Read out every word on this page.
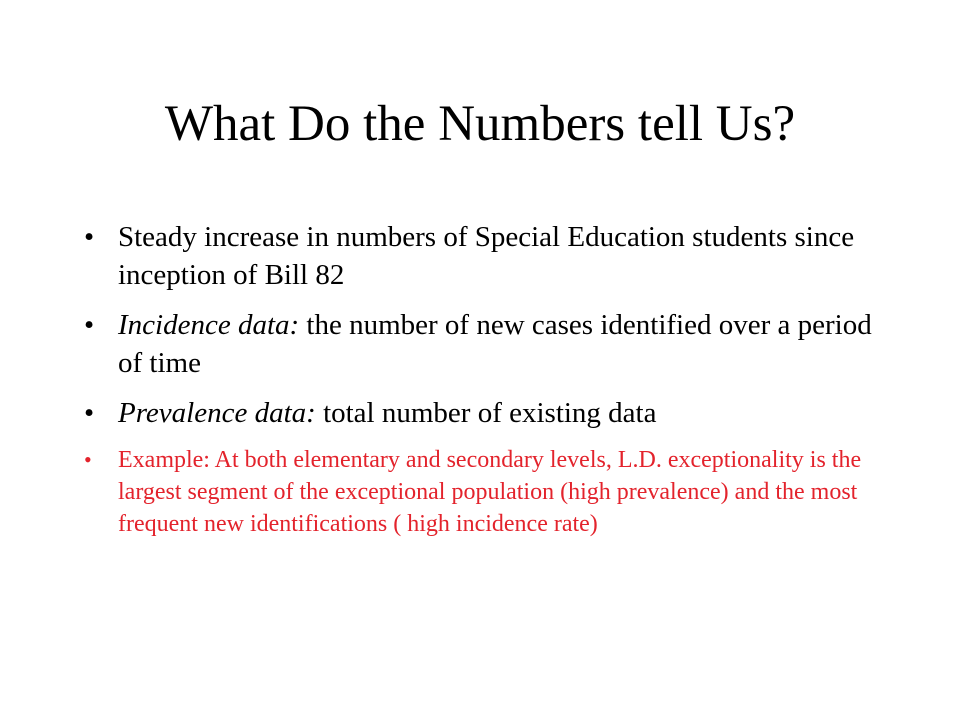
What Do the Numbers tell Us?
• Steady increase in numbers of Special Education students since inception of Bill 82
• Incidence data: the number of new cases identified over a period of time
• Prevalence data: total number of existing data
• Example: At both elementary and secondary levels, L.D. exceptionality is the largest segment of the exceptional population (high prevalence) and the most frequent new identifications ( high incidence rate)
